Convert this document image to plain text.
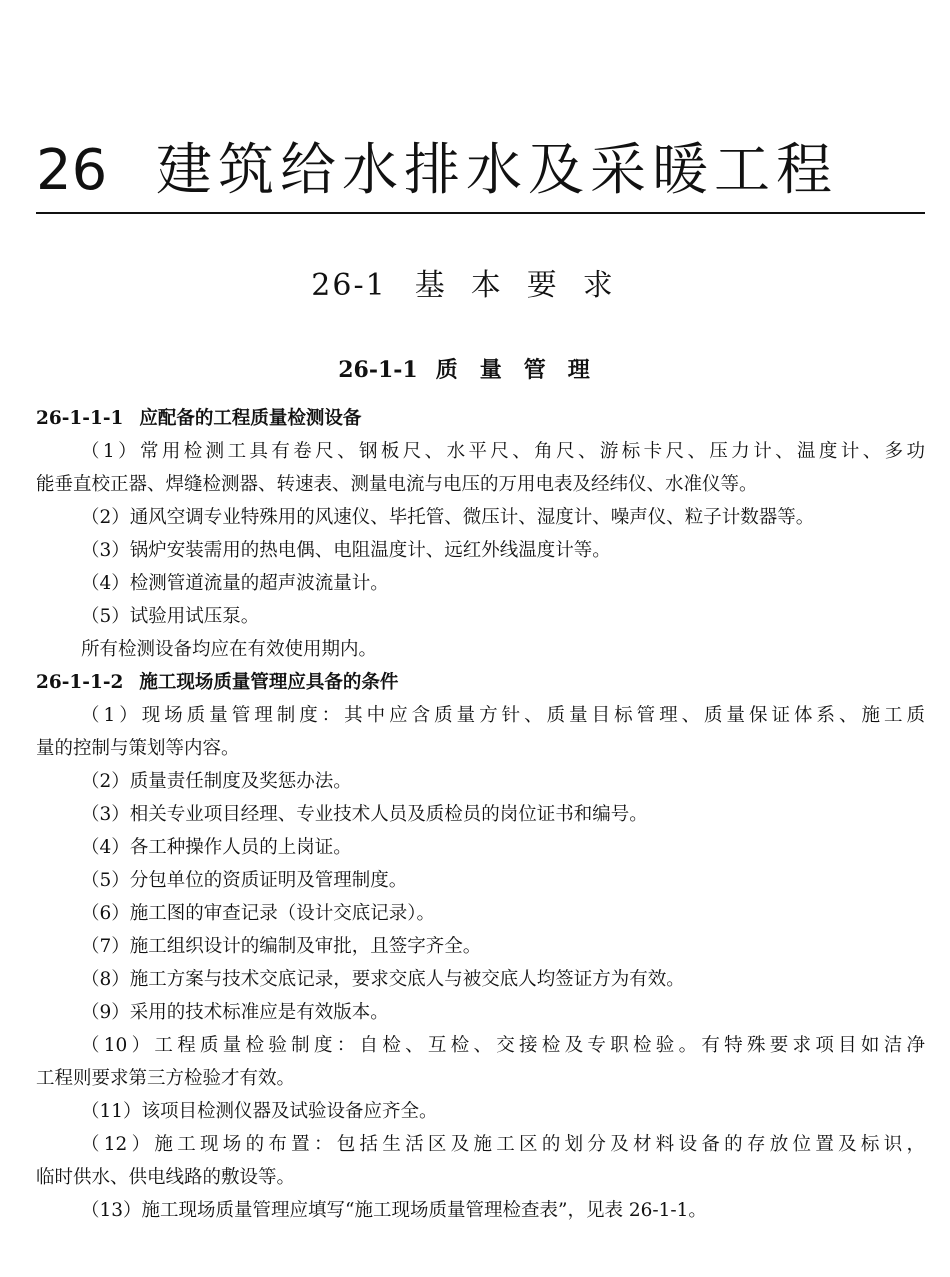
26 建筑给水排水及采暖工程
26-1 基本要求
26-1-1 质量管理
26-1-1-1 应配备的工程质量检测设备
（1）常用检测工具有卷尺、钢板尺、水平尺、角尺、游标卡尺、压力计、温度计、多功
能垂直校正器、焊缝检测器、转速表、测量电流与电压的万用电表及经纬仪、水准仪等。
（2）通风空调专业特殊用的风速仪、毕托管、微压计、湿度计、噪声仪、粒子计数器等。
（3）锅炉安装需用的热电偶、电阻温度计、远红外线温度计等。
（4）检测管道流量的超声波流量计。
（5）试验用试压泵。
所有检测设备均应在有效使用期内。
26-1-1-2 施工现场质量管理应具备的条件
（1）现场质量管理制度：其中应含质量方针、质量目标管理、质量保证体系、施工质
量的控制与策划等内容。
（2）质量责任制度及奖惩办法。
（3）相关专业项目经理、专业技术人员及质检员的岗位证书和编号。
（4）各工种操作人员的上岗证。
（5）分包单位的资质证明及管理制度。
（6）施工图的审查记录（设计交底记录）。
（7）施工组织设计的编制及审批，且签字齐全。
（8）施工方案与技术交底记录，要求交底人与被交底人均签证方为有效。
（9）采用的技术标准应是有效版本。
（10）工程质量检验制度：自检、互检、交接检及专职检验。有特殊要求项目如洁净
工程则要求第三方检验才有效。
（11）该项目检测仪器及试验设备应齐全。
（12）施工现场的布置：包括生活区及施工区的划分及材料设备的存放位置及标识，
临时供水、供电线路的敷设等。
（13）施工现场质量管理应填写“施工现场质量管理检查表”，见表 26-1-1。
